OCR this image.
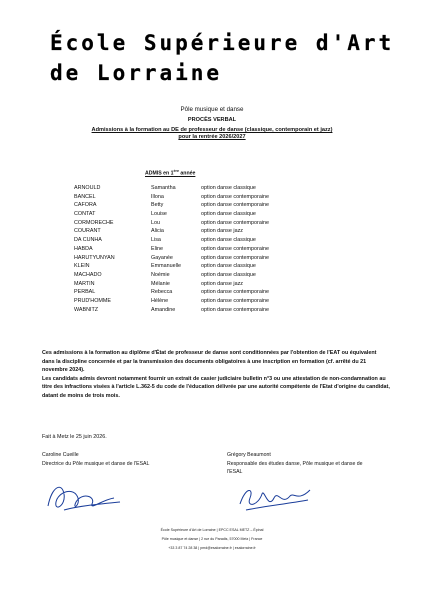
École Supérieure d'Art
de Lorraine
Pôle musique et danse
PROCÈS VERBAL
Admissions à la formation au DE de professeur de danse (classique, contemporain et jazz)
pour la rentrée 2026/2027
ADMIS en 1ère année
ARNOULD	Samantha	option danse classique
BANCEL	Illona	option danse contemporaine
CAFORA	Betty	option danse contemporaine
CONTAT	Louise	option danse classique
CORMORECHE	Lou	option danse contemporaine
COURANT	Alicia	option danse jazz
DA CUNHA	Lisa	option danse classique
HABDA	Eline	option danse contemporaine
HARUTYUNYAN	Gayanée	option danse contemporaine
KLEIN	Emmanuelle	option danse classique
MACHADO	Noémie	option danse classique
MARTIN	Mélanie	option danse jazz
PERBAL	Rebecca	option danse contemporaine
PRUD'HOMME	Hélène	option danse contemporaine
WABNITZ	Amandine	option danse contemporaine

Ces admissions à la formation au diplôme d'État de professeur de danse sont conditionnées par l'obtention de l'EAT ou équivalent dans la discipline concernée et par la transmission des documents obligatoires à une inscription en formation (cf. arrêté du 21 novembre 2024).

Les candidats admis devront notamment fournir un extrait de casier judiciaire bulletin n°3 ou une attestation de non-condamnation au titre des infractions visées à l'article L.362-5 du code de l'éducation délivrée par une autorité compétente de l'Etat d'origine du candidat, datant de moins de trois mois.

Fait à Metz le 25 juin 2026.
Caroline Cueille
Directrice du Pôle musique et danse de l'ESAL
Grégory Beaumont
Responsable des études danse, Pôle musique et danse de l'ESAL
École Supérieure d'Art de Lorraine | EPCC ESAL METZ – Épinal
Pôle musique et danse | 2 rue du Paradis, 57000 Metz | France
+33 3 87 74 28 38 | pmd@esalorraine.fr | esalorraine.fr
